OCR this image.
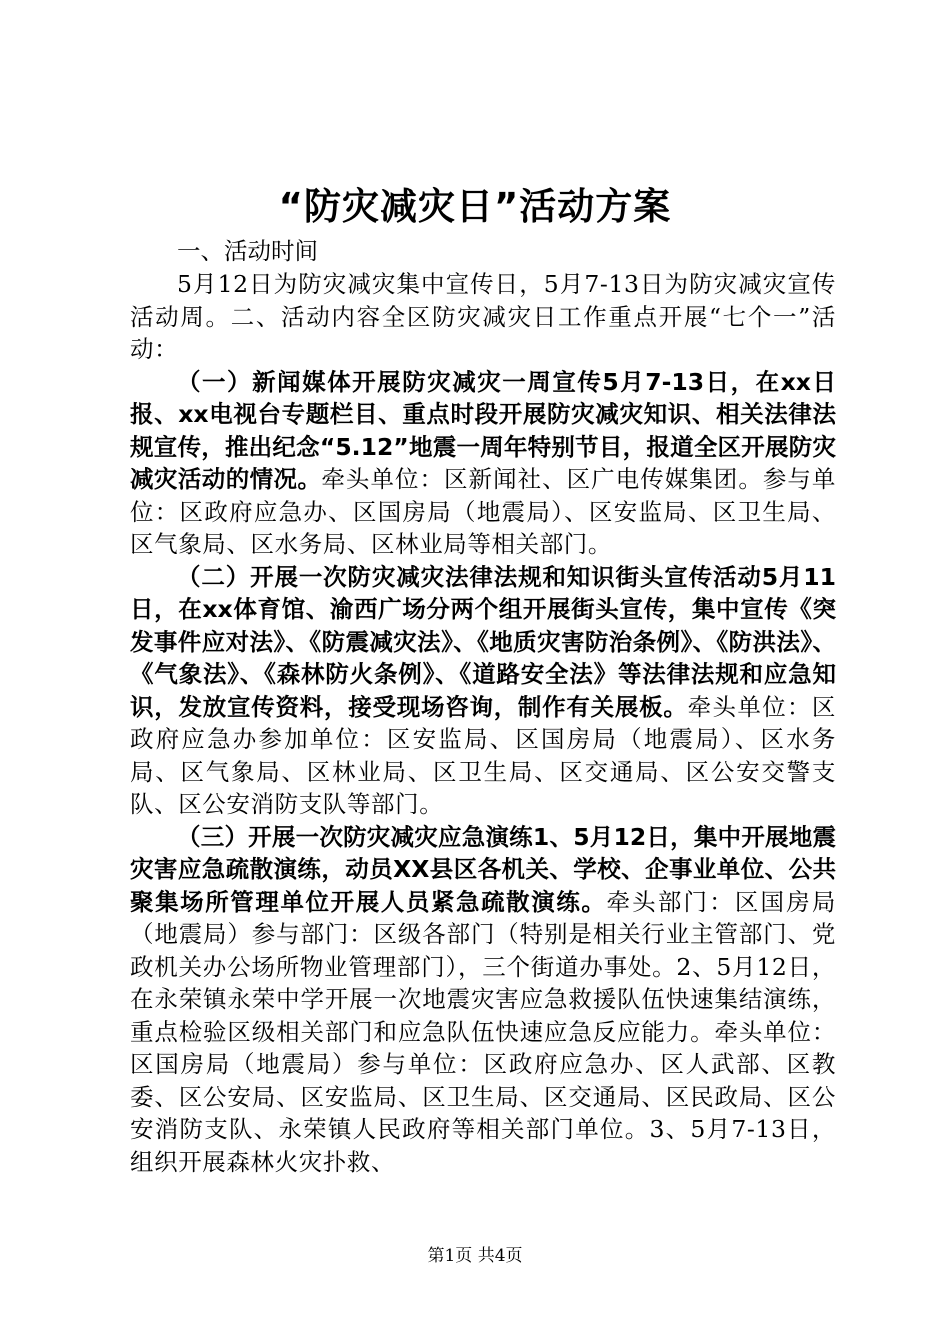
“防灾减灾日”活动方案

一、活动时间

5月12日为防灾减灾集中宣传日，5月7-13日为防灾减灾宣传活动周。二、活动内容全区防灾减灾日工作重点开展“七个一”活动：

（一）新闻媒体开展防灾减灾一周宣传5月7-13日，在xx日报、xx电视台专题栏目、重点时段开展防灾减灾知识、相关法律法规宣传，推出纪念“5.12”地震一周年特别节目，报道全区开展防灾减灾活动的情况。牵头单位：区新闻社、区广电传媒集团。参与单位：区政府应急办、区国房局（地震局）、区安监局、区卫生局、区气象局、区水务局、区林业局等相关部门。

（二）开展一次防灾减灾法律法规和知识街头宣传活动5月11日，在xx体育馆、渝西广场分两个组开展街头宣传，集中宣传《突发事件应对法》、《防震减灾法》、《地质灾害防治条例》、《防洪法》、《气象法》、《森林防火条例》、《道路安全法》等法律法规和应急知识，发放宣传资料，接受现场咨询，制作有关展板。牵头单位：区政府应急办参加单位：区安监局、区国房局（地震局）、区水务局、区气象局、区林业局、区卫生局、区交通局、区公安交警支队、区公安消防支队等部门。

（三）开展一次防灾减灾应急演练1、5月12日，集中开展地震灾害应急疏散演练，动员XX县区各机关、学校、企事业单位、公共聚集场所管理单位开展人员紧急疏散演练。牵头部门：区国房局（地震局）参与部门：区级各部门（特别是相关行业主管部门、党政机关办公场所物业管理部门），三个街道办事处。2、5月12日，在永荣镇永荣中学开展一次地震灾害应急救援队伍快速集结演练，重点检验区级相关部门和应急队伍快速应急反应能力。牵头单位：区国房局（地震局）参与单位：区政府应急办、区人武部、区教委、区公安局、区安监局、区卫生局、区交通局、区民政局、区公安消防支队、永荣镇人民政府等相关部门单位。3、5月7-13日，组织开展森林火灾扑救、

第1页 共4页
